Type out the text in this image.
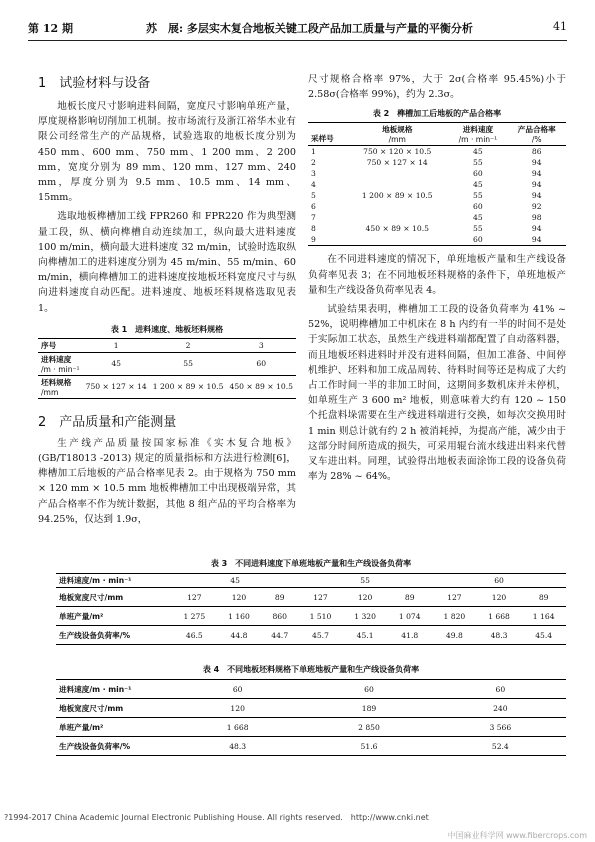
第 12 期	苏　展: 多层实木复合地板关键工段产品加工质量与产量的平衡分析	41
1　试验材料与设备

地板长度尺寸影响进料间隔，宽度尺寸影响单班产量，厚度规格影响切削加工机制。按市场流行及浙江裕华木业有限公司经常生产的产品规格，试验选取的地板长度分别为 450 mm、600 mm、750 mm、1 200 mm、2 200 mm，宽度分别为 89 mm、120 mm、127 mm、240 mm，厚度分别为 9.5 mm、10.5 mm、14 mm、15mm。

选取地板榫槽加工线 FPR260 和 FPR220 作为典型测量工段，纵、横向榫槽自动连续加工，纵向最大进料速度 100 m/min，横向最大进料速度 32 m/min，试验时选取纵向榫槽加工的进料速度分别为 45 m/min、55 m/min、60 m/min，横向榫槽加工的进料速度按地板坯料宽度尺寸与纵向进料速度自动匹配。进料速度、地板坯料规格选取见表 1。

表 1　进料速度、地板坯料规格
序号	1	2	3
进料速度
/m · min⁻¹	45	55	60
坯料规格
/mm	750 × 127 × 14	1 200 × 89 × 10.5	450 × 89 × 10.5
2　产品质量和产能测量

生产线产品质量按国家标准《实木复合地板》(GB/T18013 -2013) 规定的质量指标和方法进行检测[6]，榫槽加工后地板的产品合格率见表 2。由于规格为 750 mm × 120 mm × 10.5 mm 地板榫槽加工中出现极端异常，其产品合格率不作为统计数据，其他 8 组产品的平均合格率为 94.25%，仅达到 1.9σ，

尺寸规格合格率 97%，大于 2σ(合格率 95.45%)小于 2.58σ(合格率 99%)，约为 2.3σ。

表 2　榫槽加工后地板的产品合格率
采样号	地板规格
/mm	进料速度
/m · min⁻¹	产品合格率
/%
1	750 × 120 × 10.5	45	86
2	750 × 127 × 14	55	94
3		60	94
4		45	94
5	1 200 × 89 × 10.5	55	94
6		60	92
7		45	98
8	450 × 89 × 10.5	55	94
9		60	94

在不同进料速度的情况下，单班地板产量和生产线设备负荷率见表 3；在不同地板坯料规格的条件下，单班地板产量和生产线设备负荷率见表 4。

试验结果表明，榫槽加工工段的设备负荷率为 41% ~ 52%，说明榫槽加工中机床在 8 h 内约有一半的时间不是处于实际加工状态，虽然生产线进料端都配置了自动落料器，而且地板坯料进料时并没有进料间隔，但加工准备、中间停机维护、坯料和加工成品周转、待料时间等还是构成了大约占工作时间一半的非加工时间，这期间多数机床并未停机，如单班生产 3 600 m² 地板，则意味着大约有 120 ~ 150 个托盘料垛需要在生产线进料端进行交换，如每次交换用时 1 min 则总计就有约 2 h 被消耗掉，为提高产能，减少由于这部分时间所造成的损失，可采用辊台流水线进出料来代替叉车进出料。同理，试验得出地板表面涂饰工段的设备负荷率为 28% ~ 64%。

表 3　不同进料速度下单班地板产量和生产线设备负荷率
进料速度/m · min⁻¹	45			55			60		
地板宽度尺寸/mm	127	120	89	127	120	89	127	120	89
单班产量/m²	1 275	1 160	860	1 510	1 320	1 074	1 820	1 668	1 164
生产线设备负荷率/%	46.5	44.8	44.7	45.7	45.1	41.8	49.8	48.3	45.4
表 4　不同地板坯料规格下单班地板产量和生产线设备负荷率
进料速度/m · min⁻¹	60	60	60
地板宽度尺寸/mm	120	189	240
单班产量/m²	1 668	2 850	3 566
生产线设备负荷率/%	48.3	51.6	52.4
?1994-2017 China Academic Journal Electronic Publishing House. All rights reserved.　http://www.cnki.net
中国麻业科学网 www.fibercrops.com
